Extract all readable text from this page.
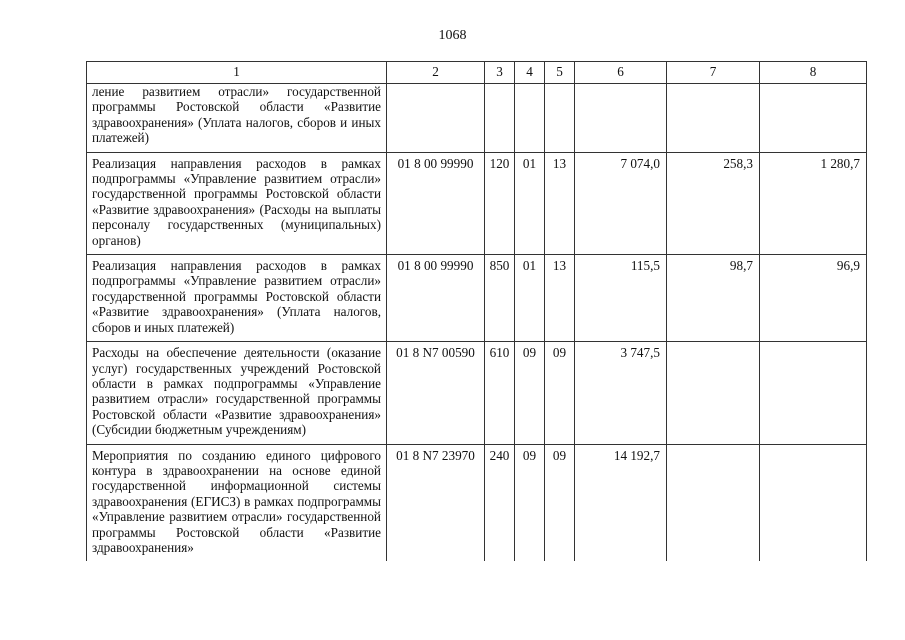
1068
1	2	3	4	5	6	7	8
ление развитием отрасли» государственной программы Ростовской области «Развитие здравоохранения» (Уплата налогов, сборов и иных платежей)							
Реализация направления расходов в рамках подпрограммы «Управление развитием отрасли» государственной программы Ростовской области «Развитие здравоохранения» (Расходы на выплаты персоналу государственных (муниципальных) органов)	01 8 00 99990	120	01	13	7 074,0	258,3	1 280,7
Реализация направления расходов в рамках подпрограммы «Управление развитием отрасли» государственной программы Ростовской области «Развитие здравоохранения» (Уплата налогов, сборов и иных платежей)	01 8 00 99990	850	01	13	115,5	98,7	96,9
Расходы на обеспечение деятельности (оказание услуг) государственных учреждений Ростовской области в рамках подпрограммы «Управление развитием отрасли» государственной программы Ростовской области «Развитие здравоохранения» (Субсидии бюджетным учреждениям)	01 8 N7 00590	610	09	09	3 747,5		
Мероприятия по созданию единого цифрового контура в здравоохранении на основе единой государственной информационной системы здравоохранения (ЕГИСЗ) в рамках подпрограммы «Управление развитием отрасли» государственной программы Ростовской области «Развитие здравоохранения»	01 8 N7 23970	240	09	09	14 192,7		
